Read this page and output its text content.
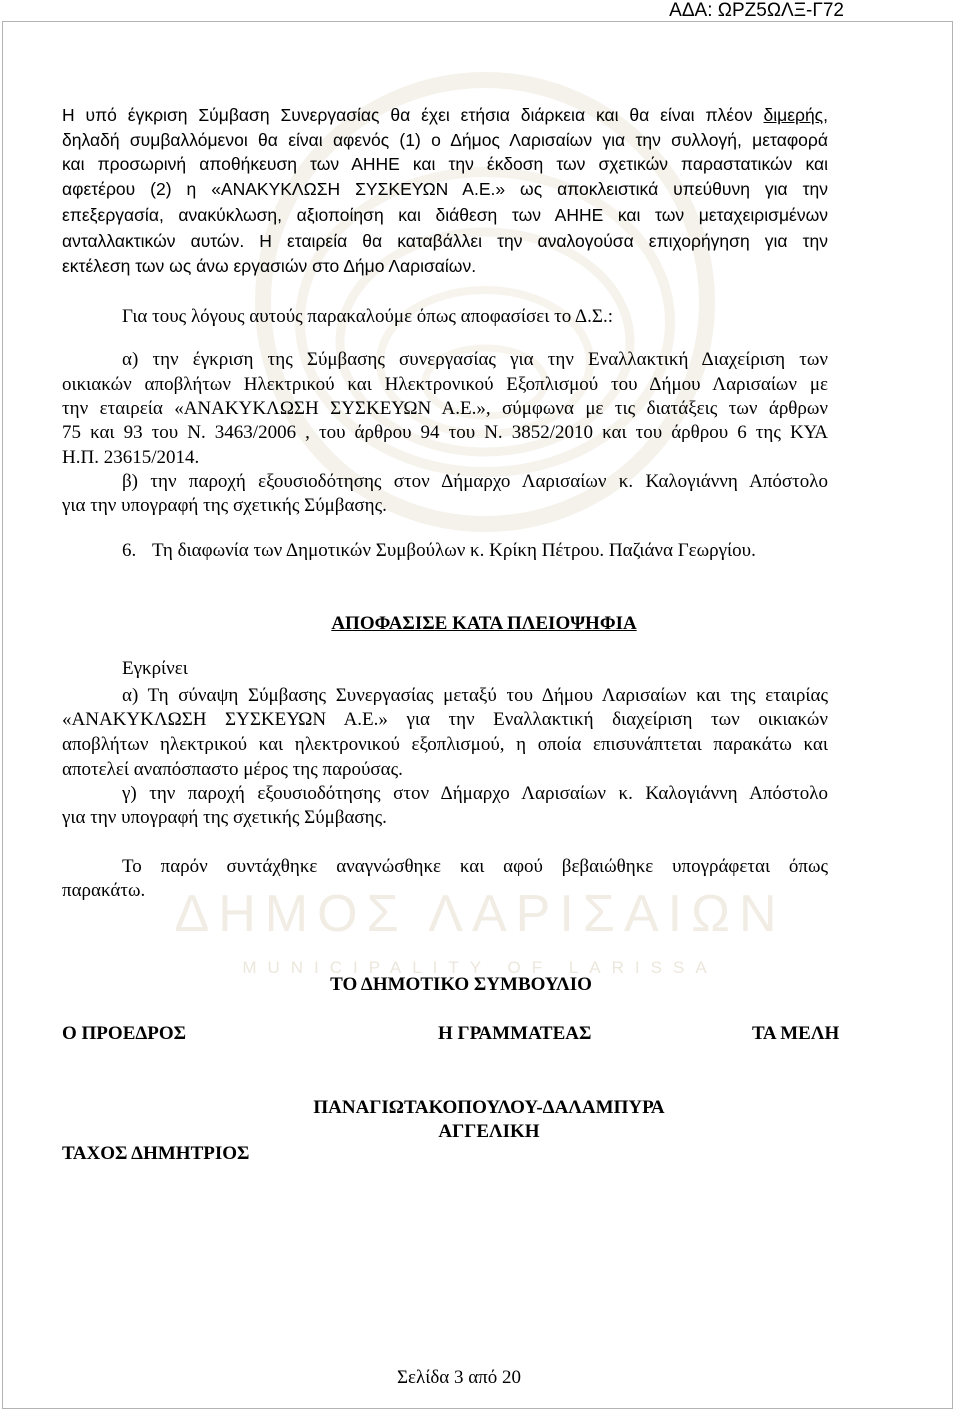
ΔΗΜΟΣ ΛΑΡΙΣΑΙΩΝ
MUNICIPALITY OF LARISSA
ΑΔΑ: ΩΡΖ5ΩΛΞ-Γ72
Η υπό έγκριση Σύμβαση Συνεργασίας θα έχει ετήσια διάρκεια και θα είναι πλέον διμερής,
δηλαδή συμβαλλόμενοι θα είναι αφενός (1) ο Δήμος Λαρισαίων για την συλλογή, μεταφορά
και προσωρινή αποθήκευση των ΑΗΗΕ και την έκδοση των σχετικών παραστατικών και
αφετέρου (2) η «ΑΝΑΚΥΚΛΩΣΗ ΣΥΣΚΕΥΩΝ Α.Ε.» ως αποκλειστικά υπεύθυνη για την
επεξεργασία, ανακύκλωση, αξιοποίηση και διάθεση των ΑΗΗΕ και των μεταχειρισμένων
ανταλλακτικών αυτών. Η εταιρεία θα καταβάλλει την αναλογούσα επιχορήγηση για την
εκτέλεση των ως άνω εργασιών στο Δήμο Λαρισαίων.
Για τους λόγους αυτούς παρακαλούμε όπως αποφασίσει το Δ.Σ.:
α) την έγκριση της Σύμβασης συνεργασίας για την Εναλλακτική Διαχείριση των
οικιακών αποβλήτων Ηλεκτρικού και Ηλεκτρονικού Εξοπλισμού του Δήμου Λαρισαίων με
την εταιρεία «ΑΝΑΚΥΚΛΩΣΗ ΣΥΣΚΕΥΩΝ Α.Ε.», σύμφωνα με τις διατάξεις των άρθρων
75 και 93 του Ν. 3463/2006 , του άρθρου 94 του Ν. 3852/2010 και του άρθρου 6 της ΚΥΑ
Η.Π. 23615/2014.
β) την παροχή εξουσιοδότησης στον Δήμαρχο Λαρισαίων κ. Καλογιάννη Απόστολο
για την υπογραφή της σχετικής Σύμβασης.
6. Τη διαφωνία των Δημοτικών Συμβούλων κ. Κρίκη Πέτρου. Παζιάνα Γεωργίου.
ΑΠΟΦΑΣΙΣΕ ΚΑΤΑ ΠΛΕΙΟΨΗΦΙΑ
Εγκρίνει
α) Τη σύναψη Σύμβασης Συνεργασίας μεταξύ του Δήμου Λαρισαίων και της εταιρίας
«ΑΝΑΚΥΚΛΩΣΗ ΣΥΣΚΕΥΩΝ Α.Ε.» για την Εναλλακτική διαχείριση των οικιακών
αποβλήτων ηλεκτρικού και ηλεκτρονικού εξοπλισμού, η οποία επισυνάπτεται παρακάτω και
αποτελεί αναπόσπαστο μέρος της παρούσας.
γ) την παροχή εξουσιοδότησης στον Δήμαρχο Λαρισαίων κ. Καλογιάννη Απόστολο
για την υπογραφή της σχετικής Σύμβασης.
Το παρόν συντάχθηκε αναγνώσθηκε και αφού βεβαιώθηκε υπογράφεται όπως
παρακάτω.
ΤΟ ΔΗΜΟΤΙΚΟ ΣΥΜΒΟΥΛΙΟ
Ο ΠΡΟΕΔΡΟΣ	Η ΓΡΑΜΜΑΤΕΑΣ	ΤΑ ΜΕΛΗ
ΠΑΝΑΓΙΩΤΑΚΟΠΟΥΛΟΥ-ΔΑΛΑΜΠΥΡΑ
ΑΓΓΕΛΙΚΗ
ΤΑΧΟΣ ΔΗΜΗΤΡΙΟΣ
Σελίδα 3 από 20
